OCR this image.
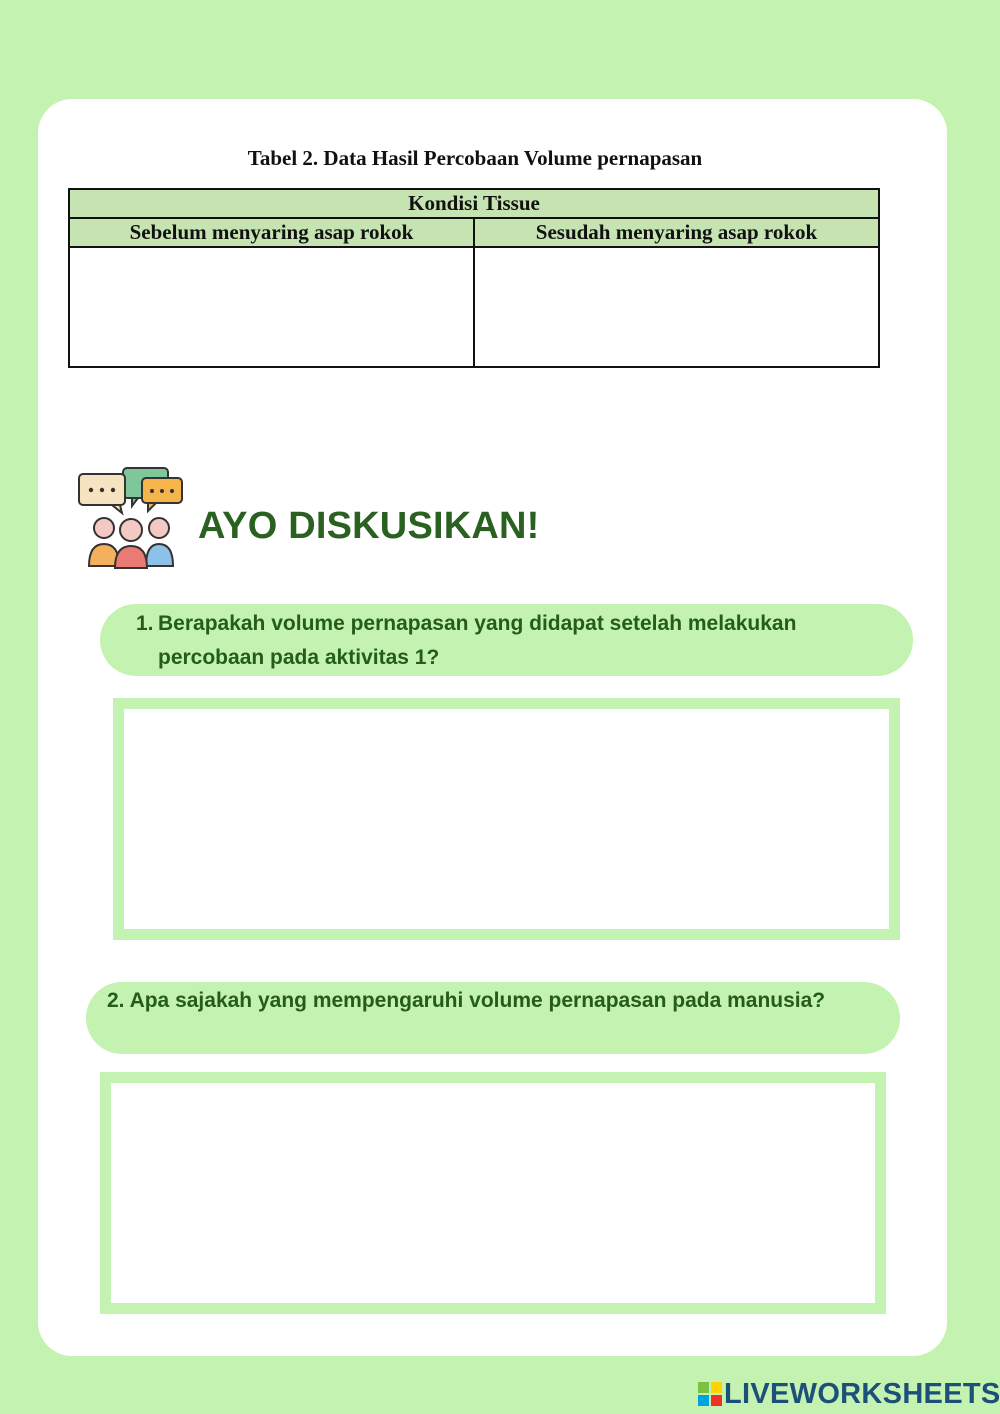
Tabel 2. Data Hasil Percobaan Volume pernapasan
Kondisi Tissue	
Sebelum menyaring asap rokok	Sesudah menyaring asap rokok

AYO DISKUSIKAN!
1. Berapakah volume pernapasan yang didapat setelah melakukan percobaan pada aktivitas 1?
2. Apa sajakah yang mempengaruhi volume pernapasan pada manusia?
LIVEWORKSHEETS
